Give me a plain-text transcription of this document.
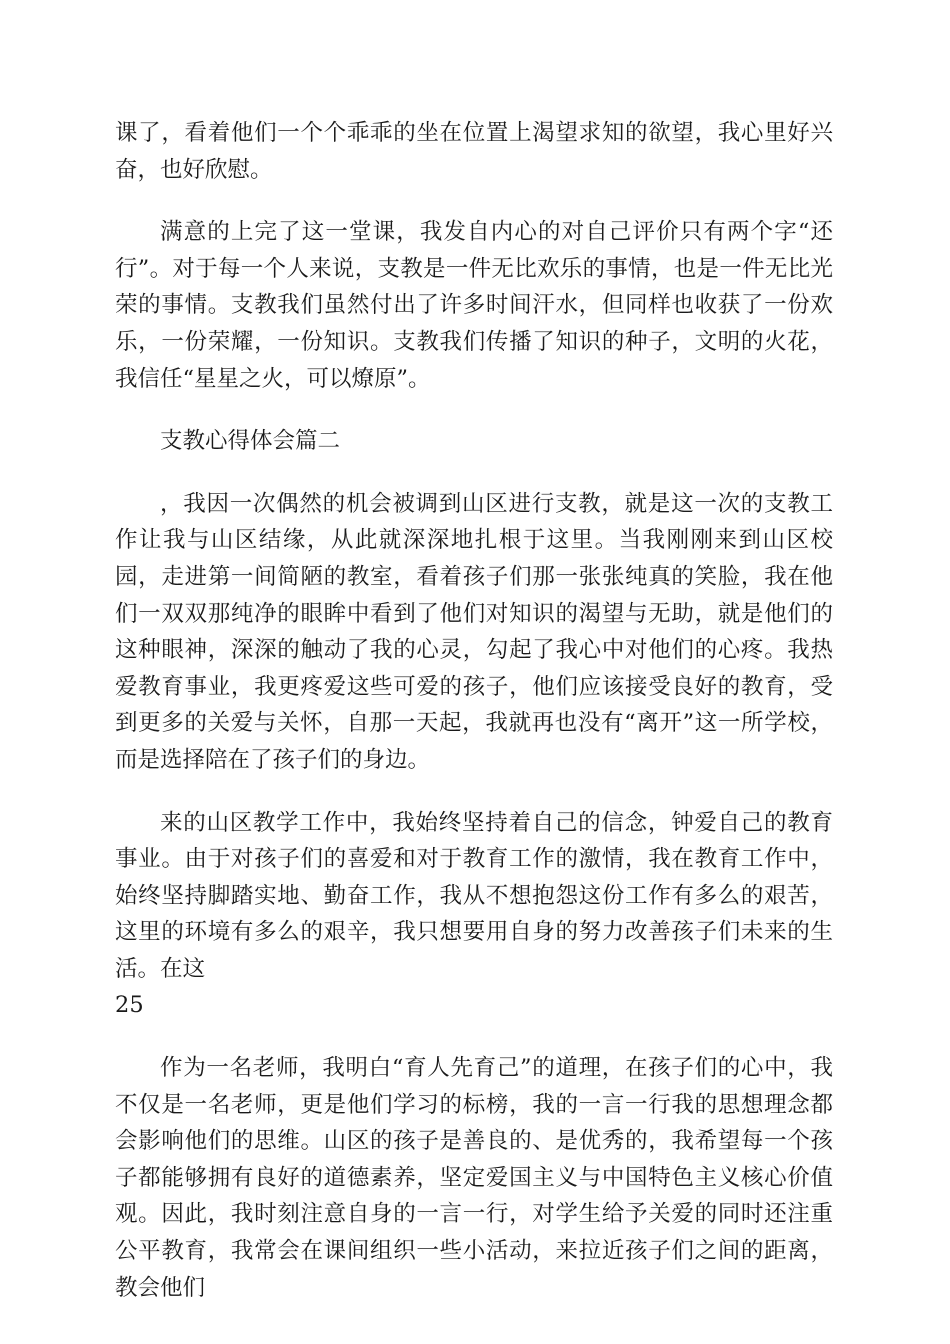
课了，看着他们一个个乖乖的坐在位置上渴望求知的欲望，我心里好兴奋，也好欣慰。

满意的上完了这一堂课，我发自内心的对自己评价只有两个字“还行”。对于每一个人来说，支教是一件无比欢乐的事情，也是一件无比光荣的事情。支教我们虽然付出了许多时间汗水，但同样也收获了一份欢乐，一份荣耀，一份知识。支教我们传播了知识的种子，文明的火花，我信任“星星之火，可以燎原”。

支教心得体会篇二

，我因一次偶然的机会被调到山区进行支教，就是这一次的支教工作让我与山区结缘，从此就深深地扎根于这里。当我刚刚来到山区校园，走进第一间简陋的教室，看着孩子们那一张张纯真的笑脸，我在他们一双双那纯净的眼眸中看到了他们对知识的渴望与无助，就是他们的这种眼神，深深的触动了我的心灵，勾起了我心中对他们的心疼。我热爱教育事业，我更疼爱这些可爱的孩子，他们应该接受良好的教育，受到更多的关爱与关怀，自那一天起，我就再也没有“离开”这一所学校，而是选择陪在了孩子们的身边。

来的山区教学工作中，我始终坚持着自己的信念，钟爱自己的教育事业。由于对孩子们的喜爱和对于教育工作的激情，我在教育工作中，始终坚持脚踏实地、勤奋工作，我从不想抱怨这份工作有多么的艰苦，这里的环境有多么的艰辛，我只想要用自身的努力改善孩子们未来的生活。在这

25

作为一名老师，我明白“育人先育己”的道理，在孩子们的心中，我不仅是一名老师，更是他们学习的标榜，我的一言一行我的思想理念都会影响他们的思维。山区的孩子是善良的、是优秀的，我希望每一个孩子都能够拥有良好的道德素养，坚定爱国主义与中国特色主义核心价值观。因此，我时刻注意自身的一言一行，对学生给予关爱的同时还注重公平教育，我常会在课间组织一些小活动，来拉近孩子们之间的距离，教会他们
